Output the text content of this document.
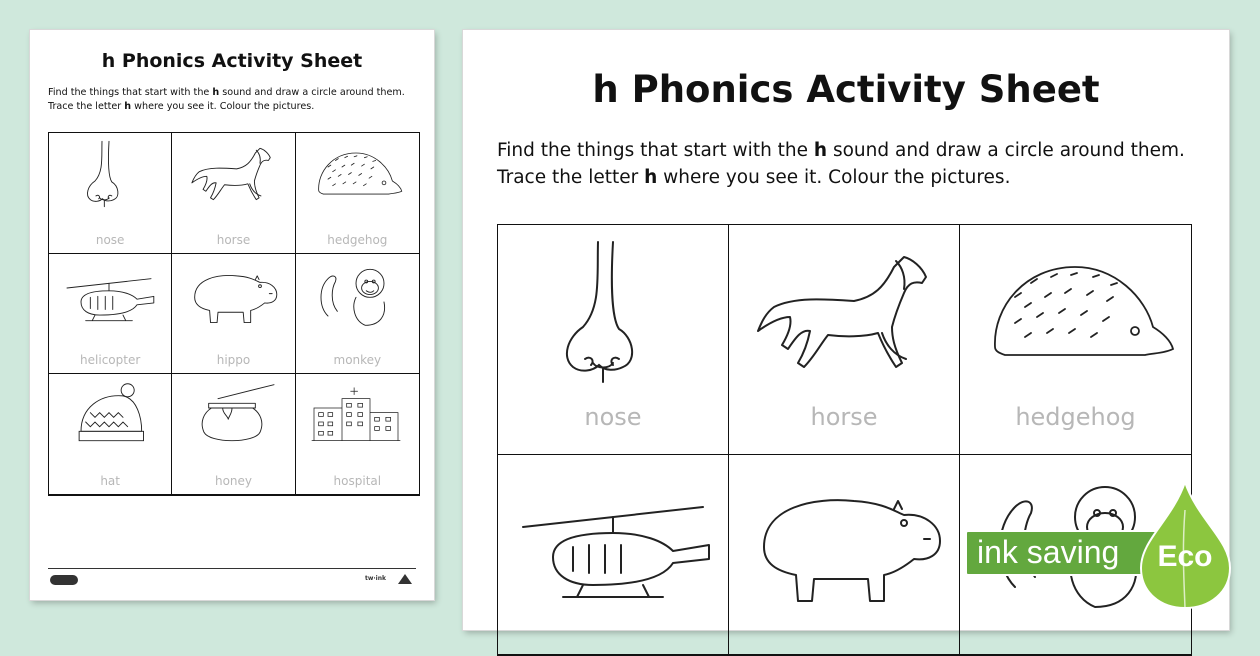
h Phonics Activity Sheet
Find the things that start with the h sound and draw a circle around them.
Trace the letter h where you see it. Colour the pictures.
nose	horse	hedgehog
helicopter	hippo	monkey
hat	honey	hospital
tw·ink
h Phonics Activity Sheet
Find the things that start with the h sound and draw a circle around them.
Trace the letter h where you see it. Colour the pictures.
nose	horse	hedgehog
ink saving Eco
